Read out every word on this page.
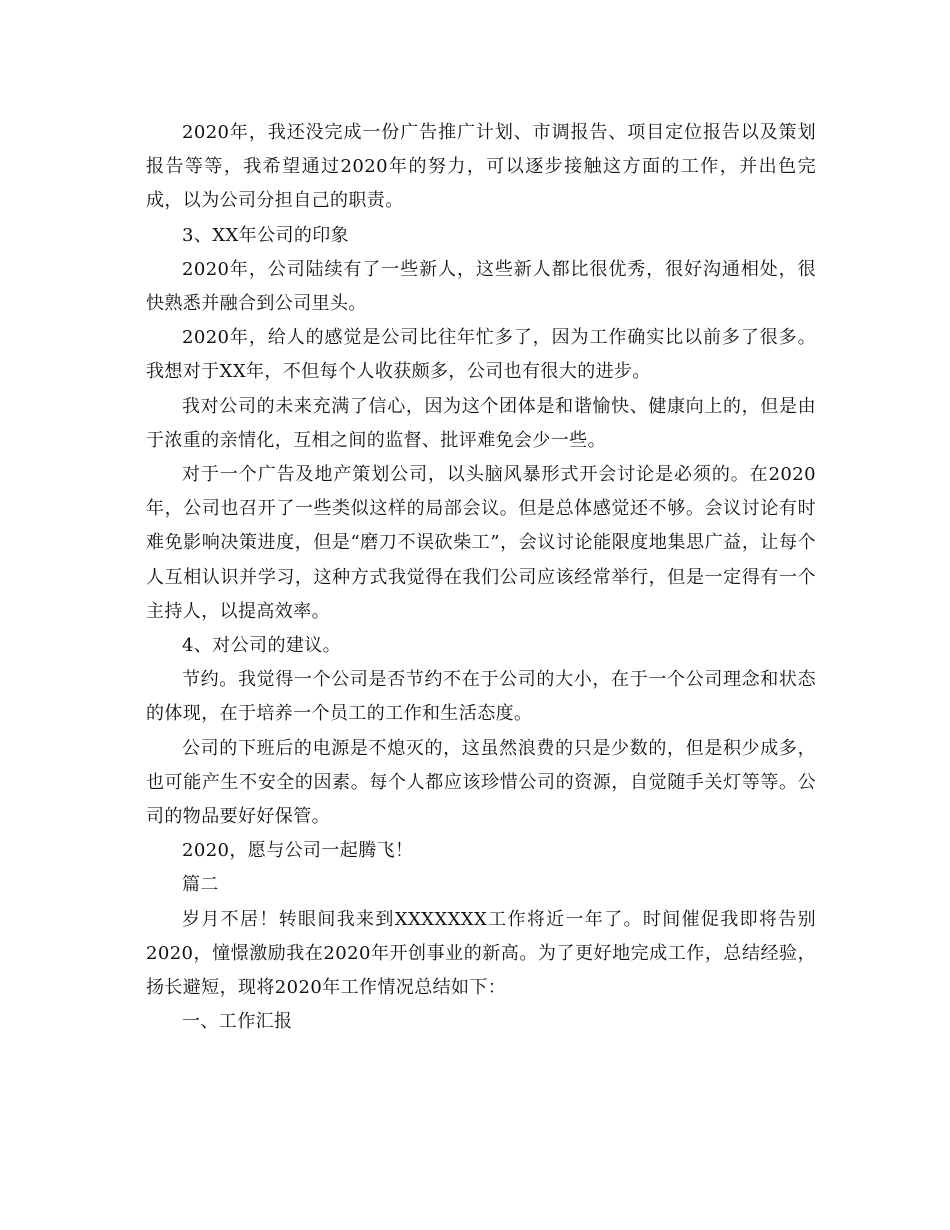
2020年，我还没完成一份广告推广计划、市调报告、项目定位报告以及策划报告等等，我希望通过2020年的努力，可以逐步接触这方面的工作，并出色完成，以为公司分担自己的职责。

3、XX年公司的印象

2020年，公司陆续有了一些新人，这些新人都比很优秀，很好沟通相处，很快熟悉并融合到公司里头。

2020年，给人的感觉是公司比往年忙多了，因为工作确实比以前多了很多。我想对于XX年，不但每个人收获颇多，公司也有很大的进步。

我对公司的未来充满了信心，因为这个团体是和谐愉快、健康向上的，但是由于浓重的亲情化，互相之间的监督、批评难免会少一些。

对于一个广告及地产策划公司，以头脑风暴形式开会讨论是必须的。在2020年，公司也召开了一些类似这样的局部会议。但是总体感觉还不够。会议讨论有时难免影响决策进度，但是“磨刀不误砍柴工”，会议讨论能限度地集思广益，让每个人互相认识并学习，这种方式我觉得在我们公司应该经常举行，但是一定得有一个主持人，以提高效率。

4、对公司的建议。

节约。我觉得一个公司是否节约不在于公司的大小，在于一个公司理念和状态的体现，在于培养一个员工的工作和生活态度。

公司的下班后的电源是不熄灭的，这虽然浪费的只是少数的，但是积少成多，也可能产生不安全的因素。每个人都应该珍惜公司的资源，自觉随手关灯等等。公司的物品要好好保管。

2020，愿与公司一起腾飞！

篇二

岁月不居！转眼间我来到XXXXXXX工作将近一年了。时间催促我即将告别2020，憧憬激励我在2020年开创事业的新高。为了更好地完成工作，总结经验，扬长避短，现将2020年工作情况总结如下：

一、工作汇报
